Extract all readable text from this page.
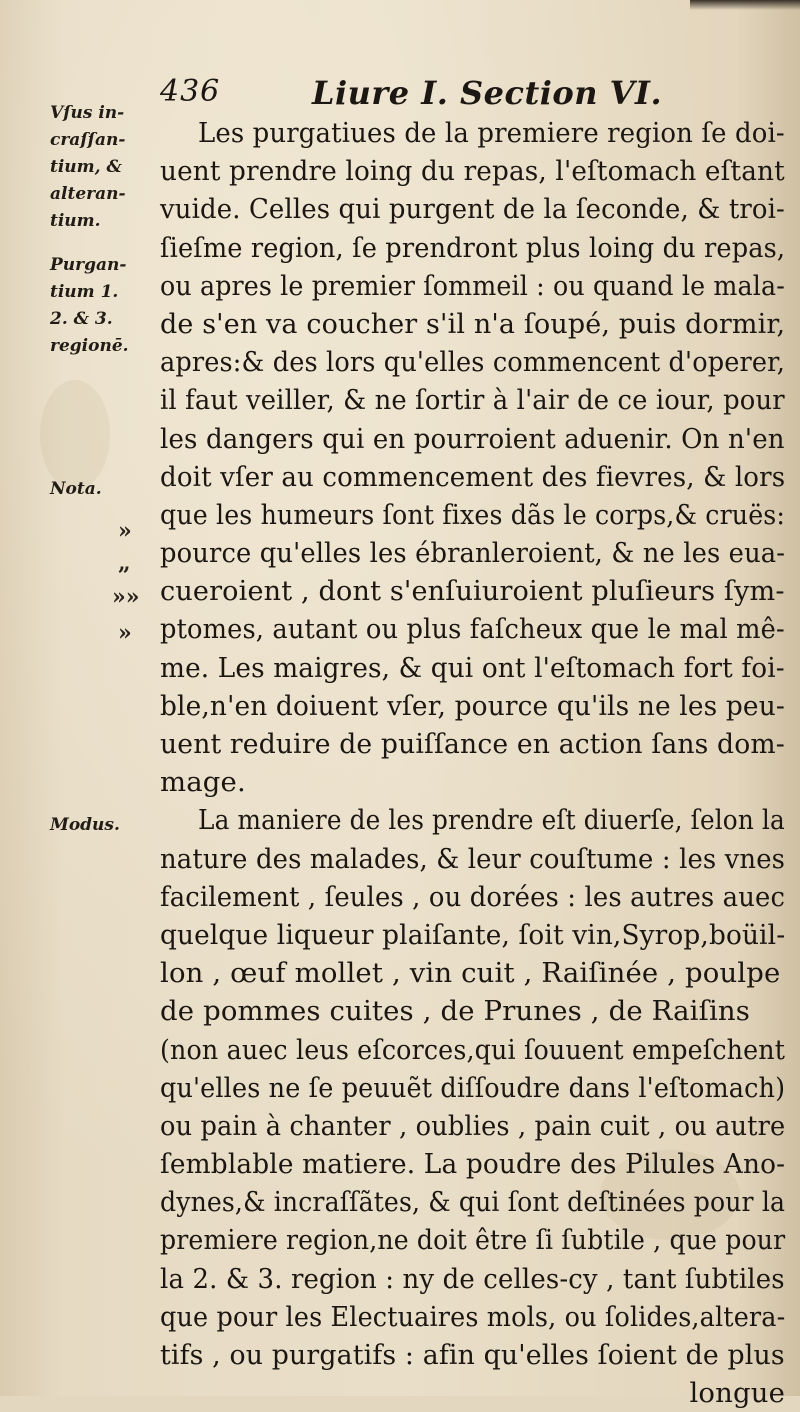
436	Liure I. Section VI.
Vſus in-
craſſan-
tium, &
alteran-
tium.
Purgan-
tium 1.
2. & 3.
regionē.
Nota.
Modus.
»
„
»»
»
Les purgatiues de la premiere region ſe doi-
uent prendre loing du repas, l'eſtomach eſtant
vuide. Celles qui purgent de la ſeconde, & troi-
ſieſme region, ſe prendront plus loing du repas,
ou apres le premier ſommeil : ou quand le mala-
de s'en va coucher s'il n'a ſoupé, puis dormir,
apres:& des lors qu'elles commencent d'operer,
il faut veiller, & ne ſortir à l'air de ce iour, pour
les dangers qui en pourroient aduenir. On n'en
doit vſer au commencement des fievres, & lors
que les humeurs ſont fixes dãs le corps,& cruës:
pource qu'elles les ébranleroient, & ne les eua-
cueroient , dont s'enſuiuroient pluſieurs ſym-
ptomes, autant ou plus faſcheux que le mal mê-
me. Les maigres, & qui ont l'eſtomach fort foi-
ble,n'en doiuent vſer, pource qu'ils ne les peu-
uent reduire de puiſſance en action ſans dom-
mage.
La maniere de les prendre eſt diuerſe, ſelon la
nature des malades, & leur couſtume : les vnes
facilement , ſeules , ou dorées : les autres auec
quelque liqueur plaiſante, ſoit vin,Syrop,boüil-
lon , œuf mollet , vin cuit , Raiſinée , poulpe
de pommes cuites , de Prunes , de Raiſins
(non auec leus eſcorces,qui ſouuent empeſchent
qu'elles ne ſe peuuẽt diſſoudre dans l'eſtomach)
ou pain à chanter , oublies , pain cuit , ou autre
ſemblable matiere. La poudre des Pilules Ano-
dynes,& incraſſãtes, & qui ſont deſtinées pour la
premiere region,ne doit être ſi ſubtile , que pour
la 2. & 3. region : ny de celles-cy , tant ſubtiles
que pour les Electuaires mols, ou ſolides,altera-
tifs , ou purgatifs : afin qu'elles ſoient de plus
longue
